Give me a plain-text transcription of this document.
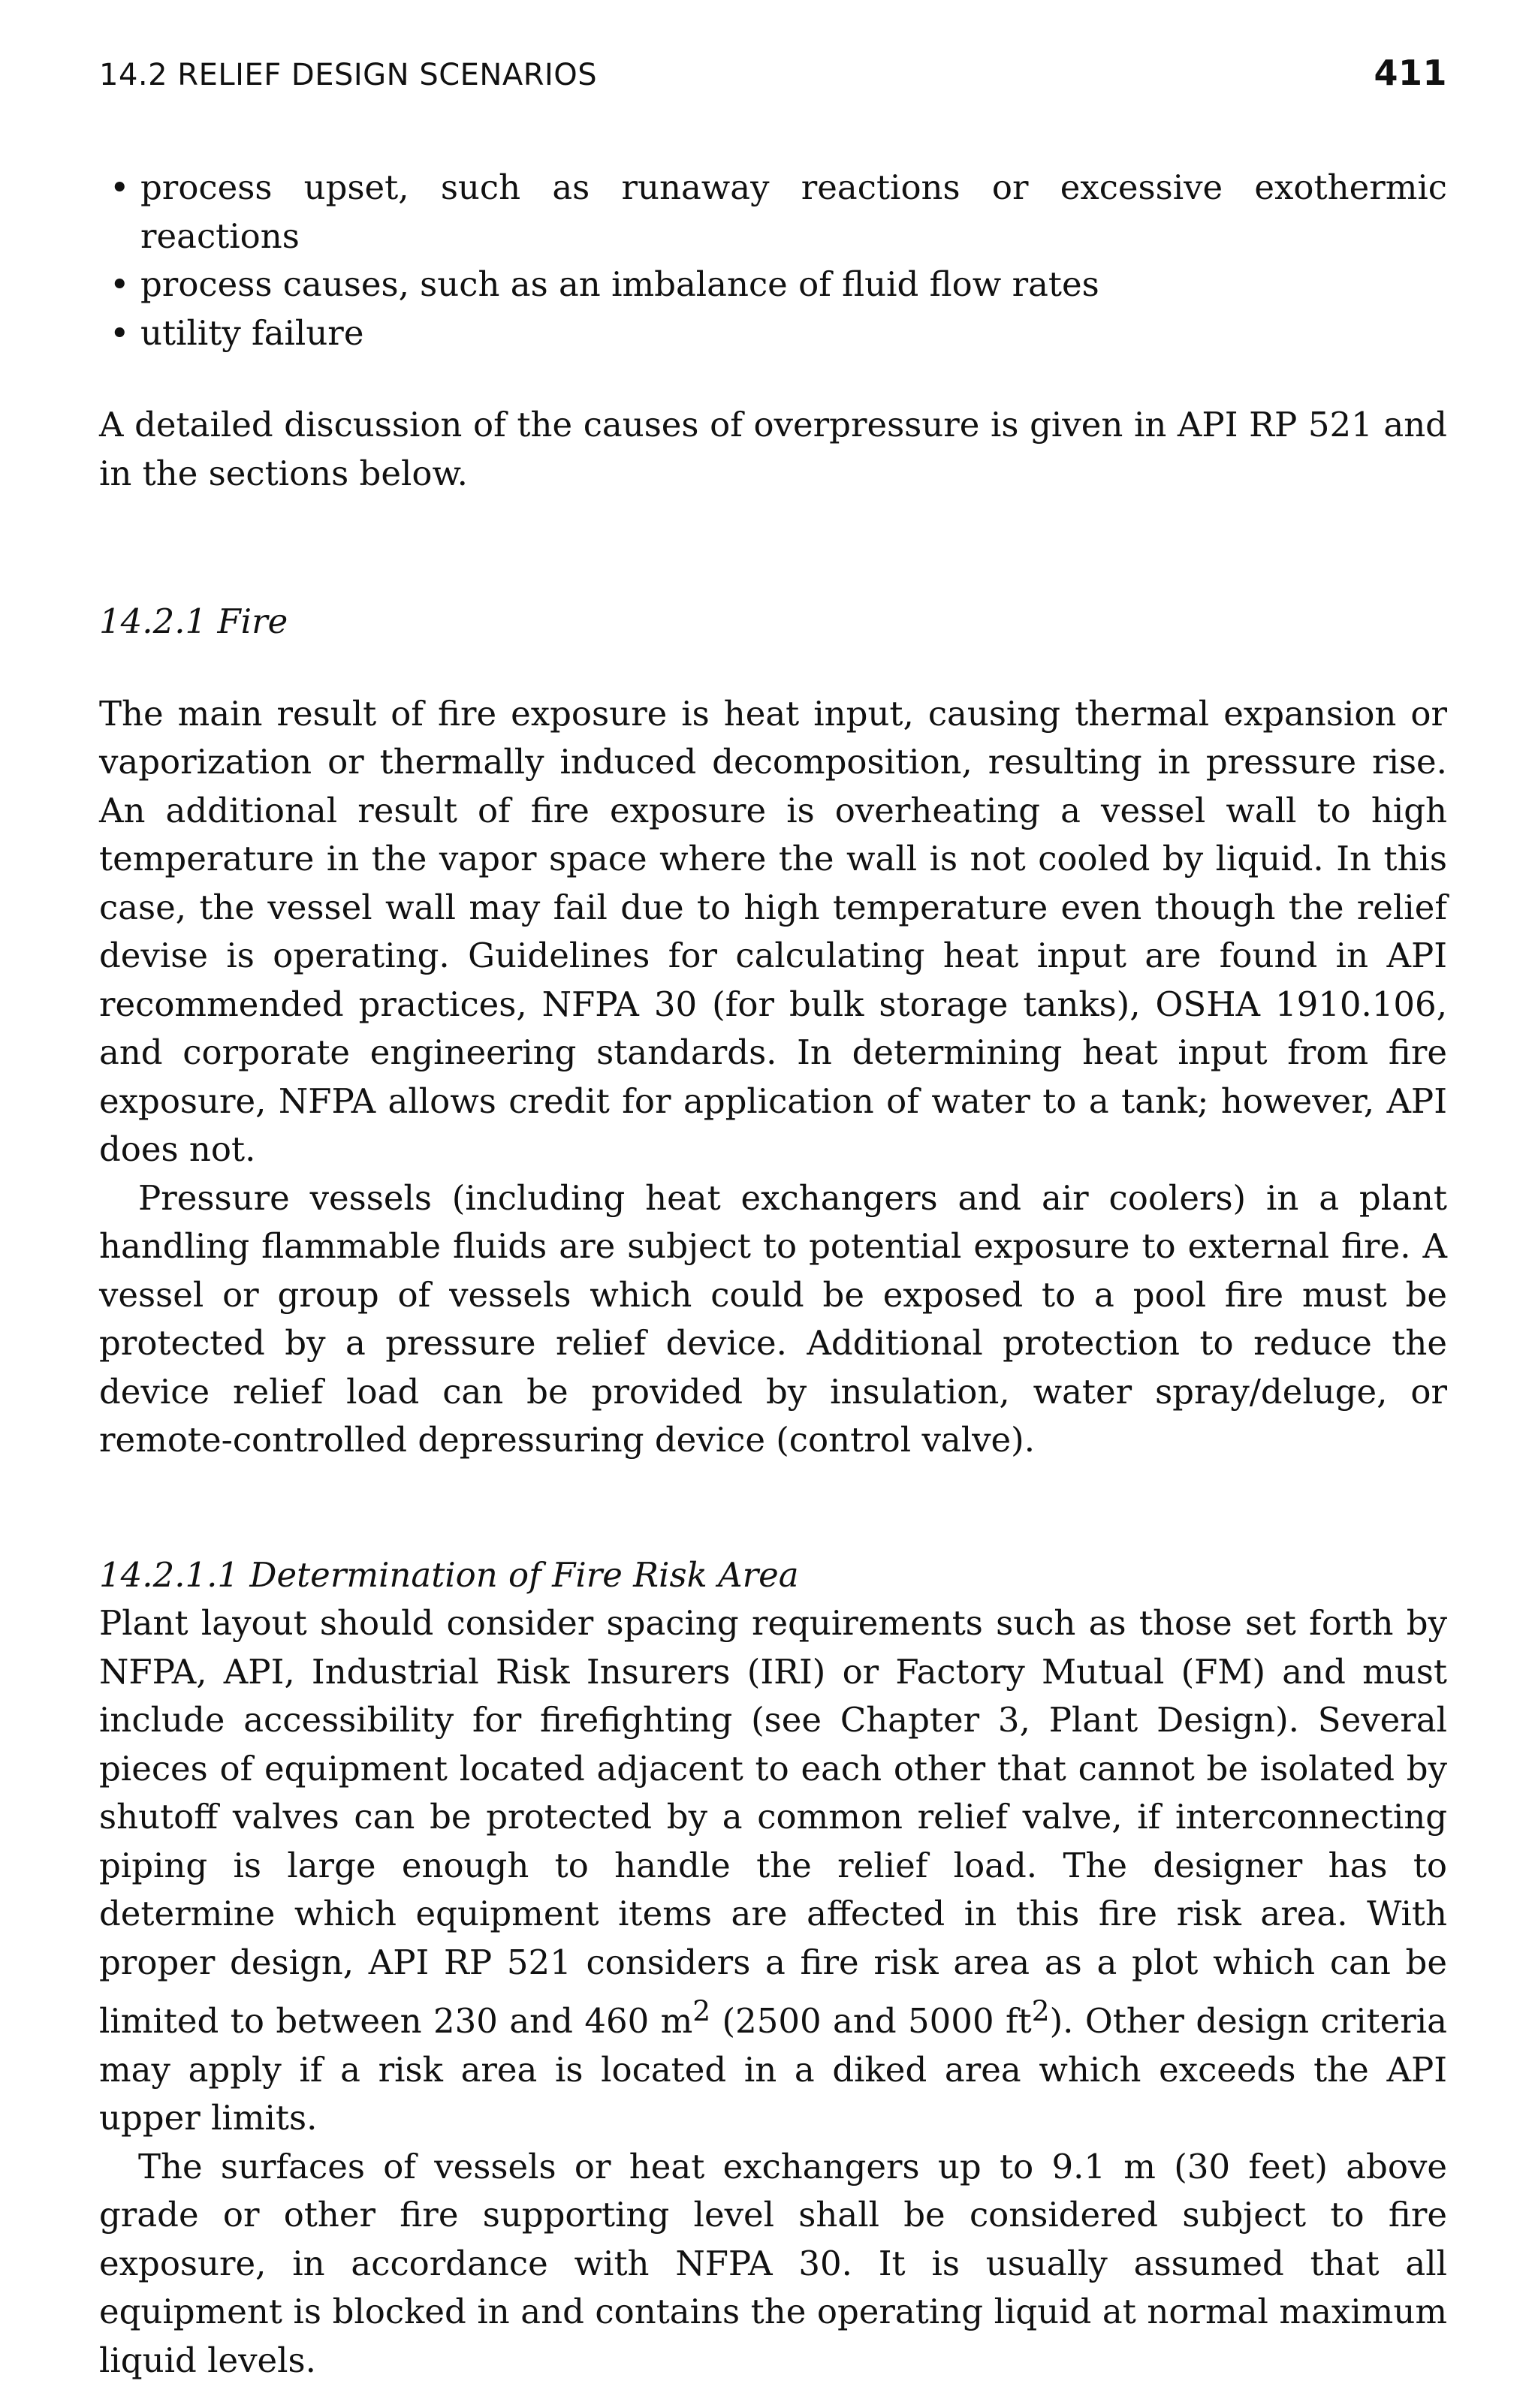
14.2 RELIEF DESIGN SCENARIOS	411
• process upset, such as runaway reactions or excessive exothermic reactions
• process causes, such as an imbalance of fluid flow rates
• utility failure

A detailed discussion of the causes of overpressure is given in API RP 521 and in the sections below.

14.2.1 Fire

The main result of fire exposure is heat input, causing thermal expansion or vaporization or thermally induced decomposition, resulting in pressure rise. An additional result of fire exposure is overheating a vessel wall to high temperature in the vapor space where the wall is not cooled by liquid. In this case, the vessel wall may fail due to high temperature even though the relief devise is operating. Guidelines for calculating heat input are found in API recommended practices, NFPA 30 (for bulk storage tanks), OSHA 1910.106, and corporate engineering standards. In determining heat input from fire exposure, NFPA allows credit for application of water to a tank; however, API does not.

Pressure vessels (including heat exchangers and air coolers) in a plant handling flammable fluids are subject to potential exposure to external fire. A vessel or group of vessels which could be exposed to a pool fire must be protected by a pressure relief device. Additional protection to reduce the device relief load can be provided by insulation, water spray/deluge, or remote-controlled depressuring device (control valve).

14.2.1.1 Determination of Fire Risk Area

Plant layout should consider spacing requirements such as those set forth by NFPA, API, Industrial Risk Insurers (IRI) or Factory Mutual (FM) and must include accessibility for firefighting (see Chapter 3, Plant Design). Several pieces of equipment located adjacent to each other that cannot be isolated by shutoff valves can be protected by a common relief valve, if interconnecting piping is large enough to handle the relief load. The designer has to determine which equipment items are affected in this fire risk area. With proper design, API RP 521 considers a fire risk area as a plot which can be limited to between 230 and 460 $m^2$ (2500 and 5000 $ft^2$). Other design criteria may apply if a risk area is located in a diked area which exceeds the API upper limits.

The surfaces of vessels or heat exchangers up to 9.1 m (30 feet) above grade or other fire supporting level shall be considered subject to fire exposure, in accordance with NFPA 30. It is usually assumed that all equipment is blocked in and contains the operating liquid at normal maximum liquid levels.
